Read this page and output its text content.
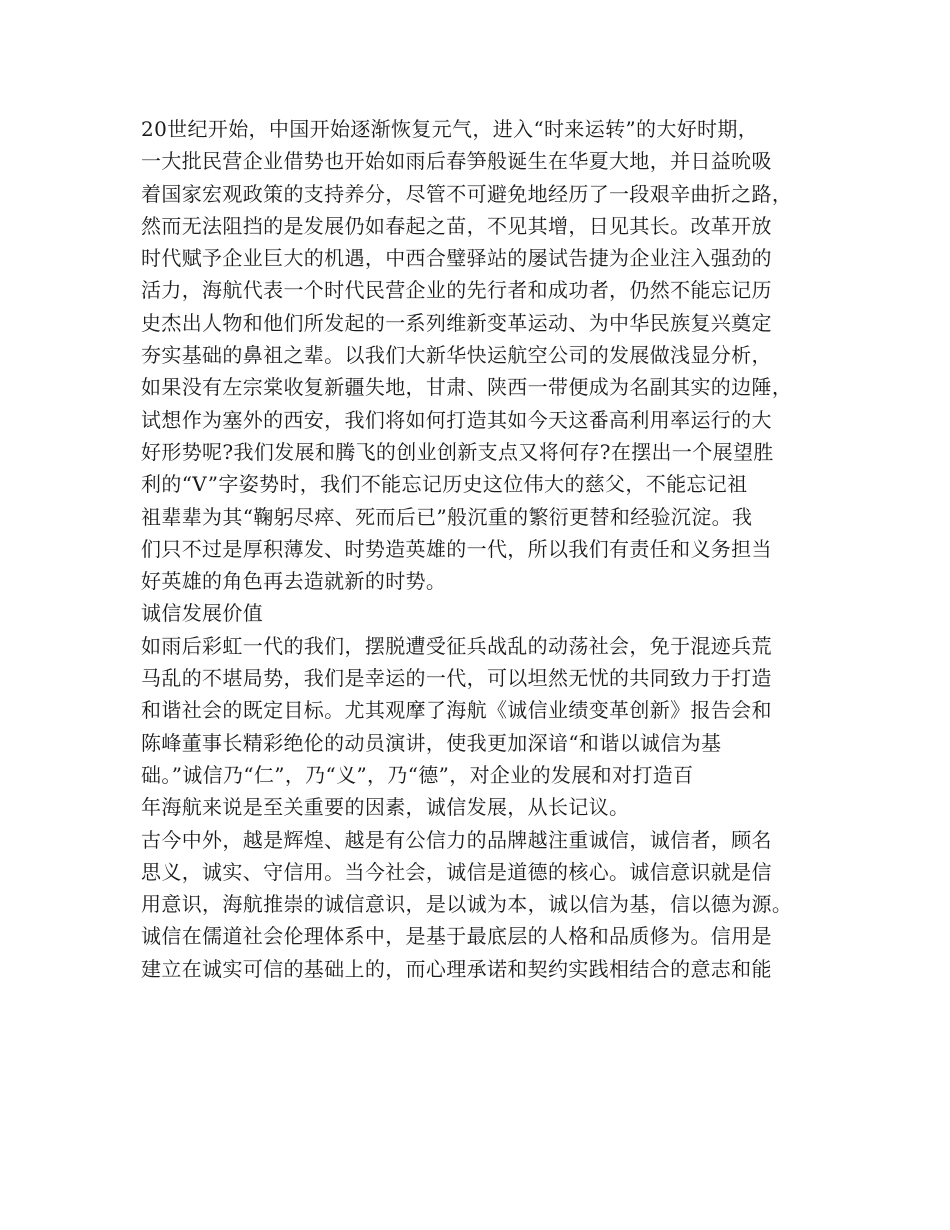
20世纪开始，中国开始逐渐恢复元气，进入“时来运转”的大好时期，
一大批民营企业借势也开始如雨后春笋般诞生在华夏大地，并日益吮吸
着国家宏观政策的支持养分，尽管不可避免地经历了一段艰辛曲折之路，
然而无法阻挡的是发展仍如春起之苗，不见其增，日见其长。改革开放
时代赋予企业巨大的机遇，中西合璧驿站的屡试告捷为企业注入强劲的
活力，海航代表一个时代民营企业的先行者和成功者，仍然不能忘记历
史杰出人物和他们所发起的一系列维新变革运动、为中华民族复兴奠定
夯实基础的鼻祖之辈。以我们大新华快运航空公司的发展做浅显分析，
如果没有左宗棠收复新疆失地，甘肃、陕西一带便成为名副其实的边陲，
试想作为塞外的西安，我们将如何打造其如今天这番高利用率运行的大
好形势呢?我们发展和腾飞的创业创新支点又将何存?在摆出一个展望胜
利的“V”字姿势时，我们不能忘记历史这位伟大的慈父，不能忘记祖
祖辈辈为其“鞠躬尽瘁、死而后已”般沉重的繁衍更替和经验沉淀。我
们只不过是厚积薄发、时势造英雄的一代，所以我们有责任和义务担当
好英雄的角色再去造就新的时势。
诚信发展价值
如雨后彩虹一代的我们，摆脱遭受征兵战乱的动荡社会，免于混迹兵荒
马乱的不堪局势，我们是幸运的一代，可以坦然无忧的共同致力于打造
和谐社会的既定目标。尤其观摩了海航《诚信业绩变革创新》报告会和
陈峰董事长精彩绝伦的动员演讲，使我更加深谙“和谐以诚信为基
础。”诚信乃“仁”，乃“义”，乃“德”，对企业的发展和对打造百
年海航来说是至关重要的因素，诚信发展，从长记议。
古今中外，越是辉煌、越是有公信力的品牌越注重诚信，诚信者，顾名
思义，诚实、守信用。当今社会，诚信是道德的核心。诚信意识就是信
用意识，海航推崇的诚信意识，是以诚为本，诚以信为基，信以德为源。
诚信在儒道社会伦理体系中，是基于最底层的人格和品质修为。信用是
建立在诚实可信的基础上的，而心理承诺和契约实践相结合的意志和能
